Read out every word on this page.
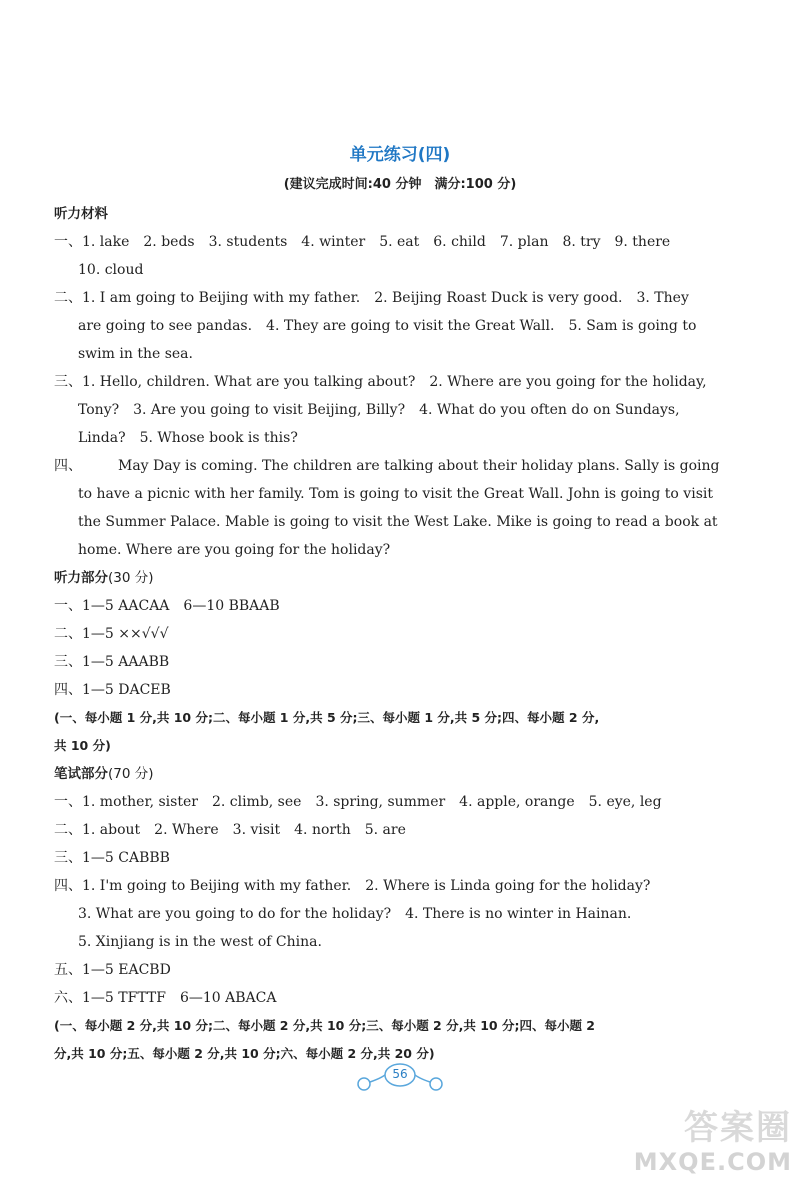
单元练习(四)
(建议完成时间:40 分钟　满分:100 分)
听力材料
一、1. lake　2. beds　3. students　4. winter　5. eat　6. child　7. plan　8. try　9. there
10. cloud
二、1. I am going to Beijing with my father.　2. Beijing Roast Duck is very good.　3. They
are going to see pandas.　4. They are going to visit the Great Wall.　5. Sam is going to
swim in the sea.
三、1. Hello, children. What are you talking about?　2. Where are you going for the holiday,
Tony?　3. Are you going to visit Beijing, Billy?　4. What do you often do on Sundays,
Linda?　5. Whose book is this?
四、	May Day is coming. The children are talking about their holiday plans. Sally is going
to have a picnic with her family. Tom is going to visit the Great Wall. John is going to visit
the Summer Palace. Mable is going to visit the West Lake. Mike is going to read a book at
home. Where are you going for the holiday?
听力部分(30 分)
一、1—5 AACAA　6—10 BBAAB
二、1—5 ××√√√
三、1—5 AAABB
四、1—5 DACEB
(一、每小题 1 分,共 10 分;二、每小题 1 分,共 5 分;三、每小题 1 分,共 5 分;四、每小题 2 分,
共 10 分)
笔试部分(70 分)
一、1. mother, sister　2. climb, see　3. spring, summer　4. apple, orange　5. eye, leg
二、1. about　2. Where　3. visit　4. north　5. are
三、1—5 CABBB
四、1. I'm going to Beijing with my father.　2. Where is Linda going for the holiday?
3. What are you going to do for the holiday?　4. There is no winter in Hainan.
5. Xinjiang is in the west of China.
五、1—5 EACBD
六、1—5 TFTTF　6—10 ABACA
(一、每小题 2 分,共 10 分;二、每小题 2 分,共 10 分;三、每小题 2 分,共 10 分;四、每小题 2
分,共 10 分;五、每小题 2 分,共 10 分;六、每小题 2 分,共 20 分)
56
答案圈
MXQE.COM
